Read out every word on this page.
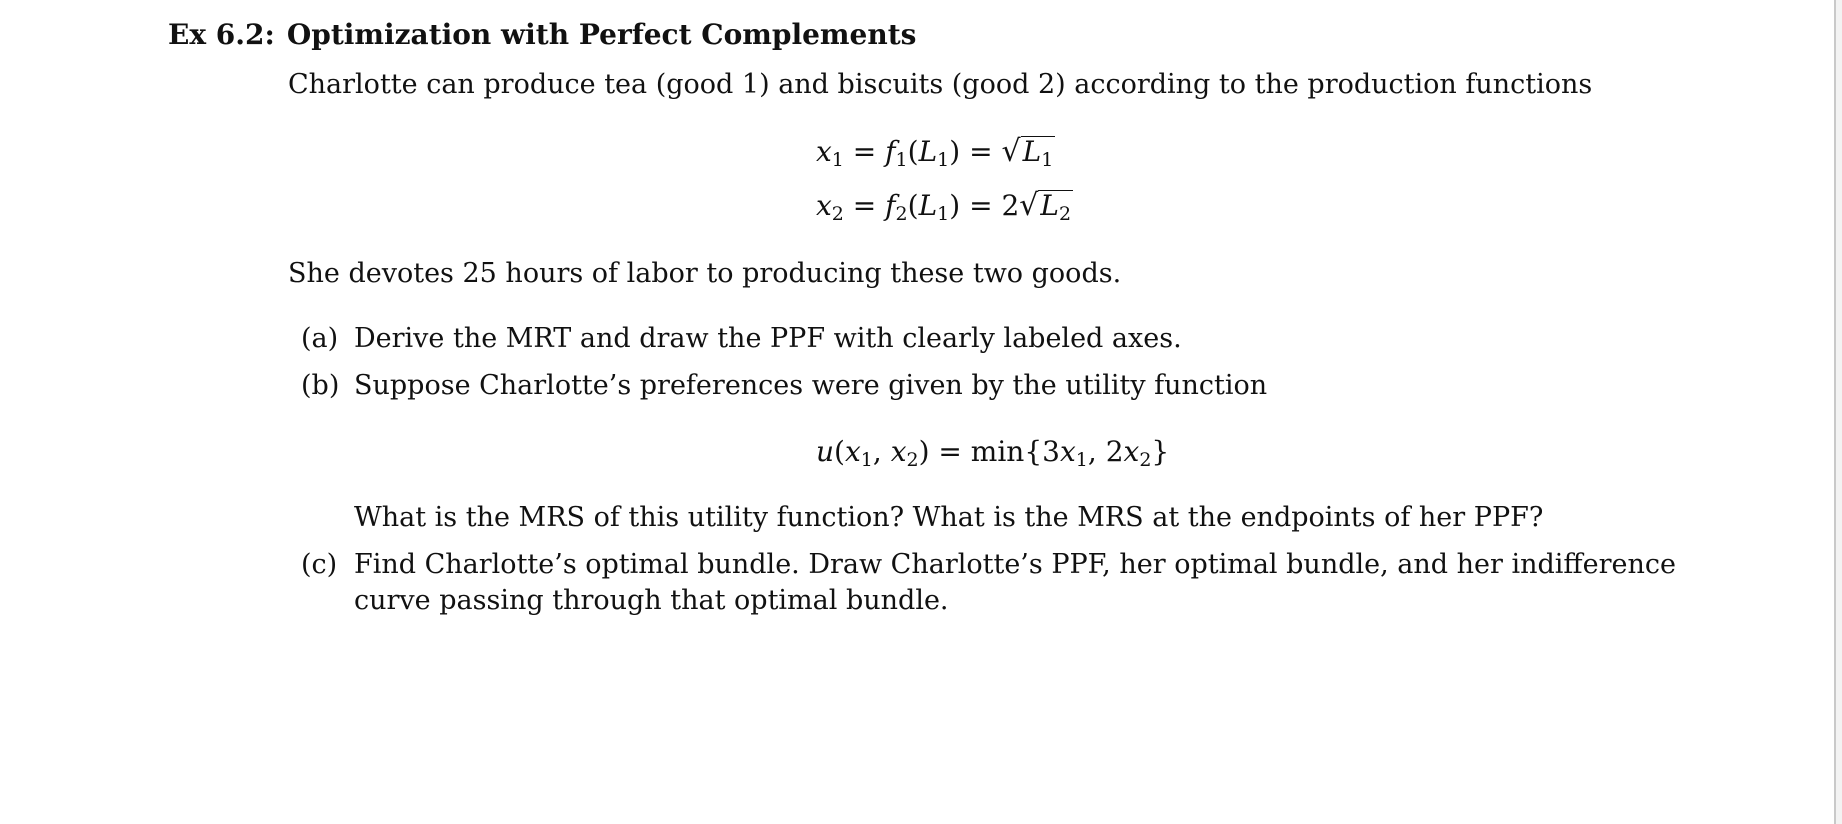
Ex 6.2: Optimization with Perfect Complements
Charlotte can produce tea (good 1) and biscuits (good 2) according to the production functions
$x_1 = f_1(L_1) = √L_1$
$x_2 = f_2(L_1) = 2√L_2$
She devotes 25 hours of labor to producing these two goods.
(a) Derive the MRT and draw the PPF with clearly labeled axes.
(b) Suppose Charlotte’s preferences were given by the utility function
$u(x_1$, $x_2) = \min\{3x_1$, $2x_2$}
What is the MRS of this utility function? What is the MRS at the endpoints of her PPF?
(c) Find Charlotte’s optimal bundle. Draw Charlotte’s PPF, her optimal bundle, and her indifference
curve passing through that optimal bundle.
